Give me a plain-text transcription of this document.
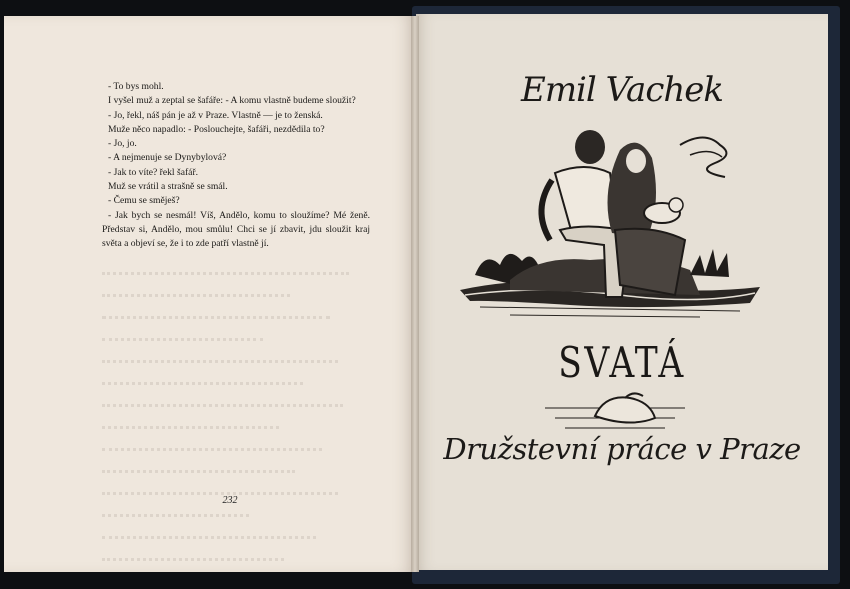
- To bys mohl.

I vyšel muž a zeptal se šafáře: - A komu vlastně budeme sloužit?

- Jo, řekl, náš pán je až v Praze. Vlastně — je to ženská.

Muže něco napadlo: - Poslouchejte, šafáři, nezdědila to?

- Jo, jo.

- A nejmenuje se Dynybylová?

- Jak to víte? řekl šafář.

Muž se vrátil a strašně se smál.

- Čemu se směješ?

- Jak bych se nesmál! Víš, Andělo, komu to sloužíme? Mé ženě. Představ si, Andělo, mou smůlu! Chci se jí zbavit, jdu sloužit kraj světa a objeví se, že i to zde patří vlastně jí.

232
Emil Vachek
SVATÁ
Družstevní práce v Praze
